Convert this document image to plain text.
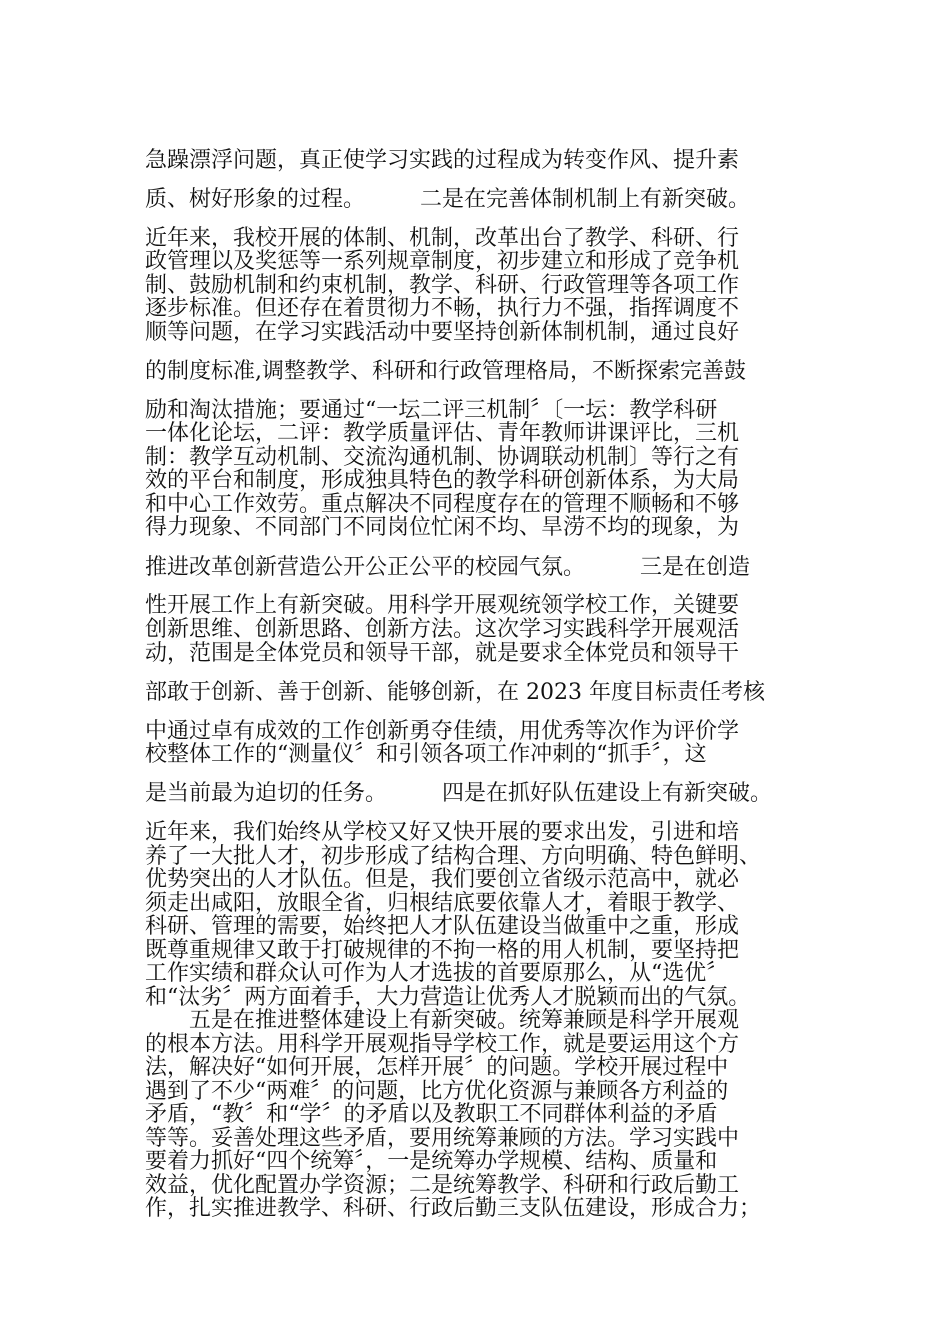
急躁漂浮问题，真正使学习实践的过程成为转变作风、提升素
质、树好形象的过程。　　　二是在完善体制机制上有新突破。
近年来，我校开展的体制、机制，改革出台了教学、科研、行
政管理以及奖惩等一系列规章制度，初步建立和形成了竞争机
制、鼓励机制和约束机制，教学、科研、行政管理等各项工作
逐步标准。但还存在着贯彻力不畅，执行力不强，指挥调度不
顺等问题，在学习实践活动中要坚持创新体制机制，通过良好
的制度标准,调整教学、科研和行政管理格局，不断探索完善鼓
励和淘汰措施；要通过“一坛二评三机制〞〔一坛：教学科研
一体化论坛，二评：教学质量评估、青年教师讲课评比，三机
制：教学互动机制、交流沟通机制、协调联动机制〕等行之有
效的平台和制度，形成独具特色的教学科研创新体系，为大局
和中心工作效劳。重点解决不同程度存在的管理不顺畅和不够
得力现象、不同部门不同岗位忙闲不均、旱涝不均的现象，为
推进改革创新营造公开公正公平的校园气氛。　　　三是在创造
性开展工作上有新突破。用科学开展观统领学校工作，关键要
创新思维、创新思路、创新方法。这次学习实践科学开展观活
动，范围是全体党员和领导干部，就是要求全体党员和领导干
部敢于创新、善于创新、能够创新，在 2023 年度目标责任考核
中通过卓有成效的工作创新勇夺佳绩，用优秀等次作为评价学
校整体工作的“测量仪〞和引领各项工作冲刺的“抓手〞，这
是当前最为迫切的任务。　　　四是在抓好队伍建设上有新突破。
近年来，我们始终从学校又好又快开展的要求出发，引进和培
养了一大批人才，初步形成了结构合理、方向明确、特色鲜明、
优势突出的人才队伍。但是，我们要创立省级示范高中，就必
须走出咸阳，放眼全省，归根结底要依靠人才，着眼于教学、
科研、管理的需要，始终把人才队伍建设当做重中之重，形成
既尊重规律又敢于打破规律的不拘一格的用人机制，要坚持把
工作实绩和群众认可作为人才选拔的首要原那么，从“选优〞
和“汰劣〞两方面着手，大力营造让优秀人才脱颖而出的气氛。
五是在推进整体建设上有新突破。统筹兼顾是科学开展观
的根本方法。用科学开展观指导学校工作，就是要运用这个方
法，解决好“如何开展，怎样开展〞的问题。学校开展过程中
遇到了不少“两难〞的问题，比方优化资源与兼顾各方利益的
矛盾，“教〞和“学〞的矛盾以及教职工不同群体利益的矛盾
等等。妥善处理这些矛盾，要用统筹兼顾的方法。学习实践中
要着力抓好“四个统筹〞，一是统筹办学规模、结构、质量和
效益，优化配置办学资源；二是统筹教学、科研和行政后勤工
作，扎实推进教学、科研、行政后勤三支队伍建设，形成合力；
